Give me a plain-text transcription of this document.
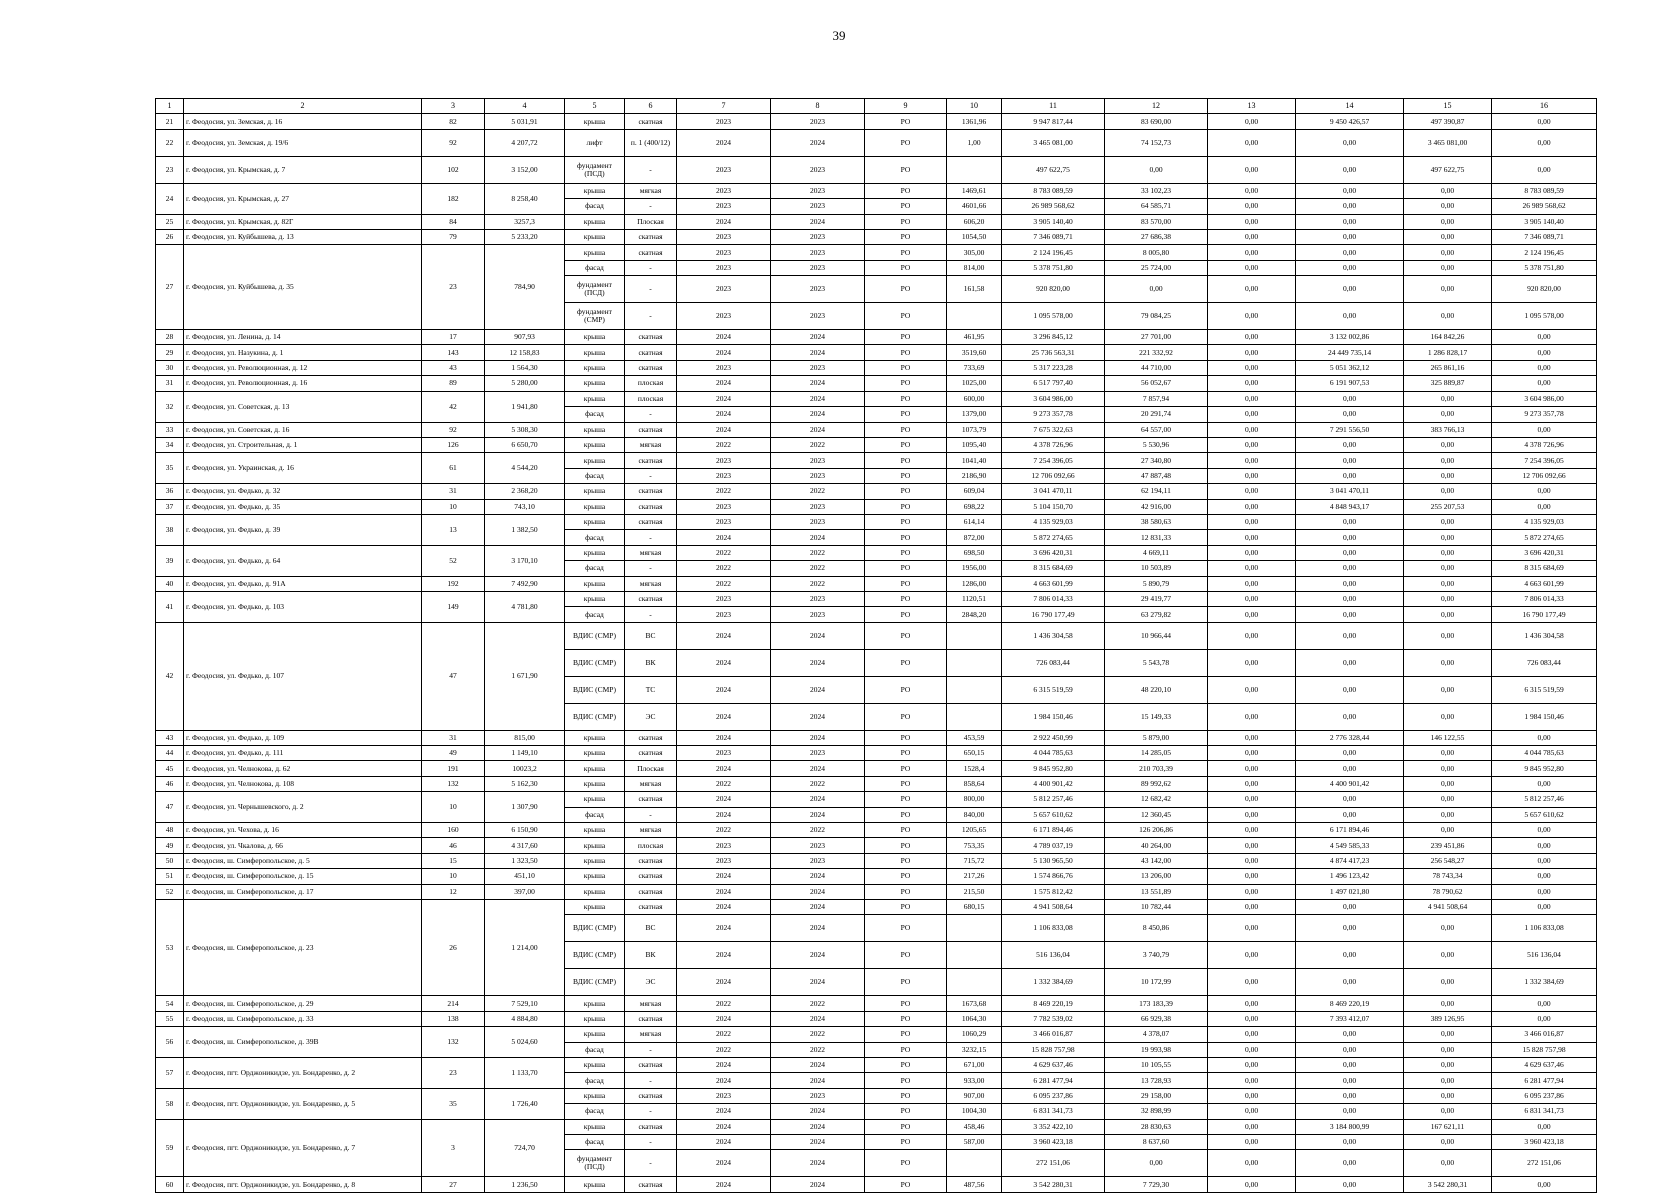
39
1	2	3	4	5	6	7	8	9	10	11	12	13	14	15	16
21	г. Феодосия, ул. Земская, д. 16	82	5 031,91	крыша	скатная	2023	2023	РО	1361,96	9 947 817,44	83 690,00	0,00	9 450 426,57	497 390,87	0,00
22	г. Феодосия, ул. Земская, д. 19/6	92	4 207,72	лифт	п. 1 (400/12)	2024	2024	РО	1,00	3 465 081,00	74 152,73	0,00	0,00	3 465 081,00	0,00
23	г. Феодосия, ул. Крымская, д. 7	102	3 152,00	фундамент (ПСД)	-	2023	2023	РО		497 622,75	0,00	0,00	0,00	497 622,75	0,00
24	г. Феодосия, ул. Крымская, д. 27	182	8 258,40	крыша	мягкая	2023	2023	РО	1469,61	8 783 089,59	33 102,23	0,00	0,00	0,00	8 783 089,59
				фасад	-	2023	2023	РО	4601,66	26 989 568,62	64 585,71	0,00	0,00	0,00	26 989 568,62
25	г. Феодосия, ул. Крымская, д. 82Г	84	3257,3	крыша	Плоская	2024	2024	РО	606,20	3 905 140,40	83 570,00	0,00	0,00	0,00	3 905 140,40
26	г. Феодосия, ул. Куйбышева, д. 13	79	5 233,20	крыша	скатная	2023	2023	РО	1054,50	7 346 089,71	27 686,38	0,00	0,00	0,00	7 346 089,71
27	г. Феодосия, ул. Куйбышева, д. 35	23	784,90	крыша	скатная	2023	2023	РО	305,00	2 124 196,45	8 005,80	0,00	0,00	0,00	2 124 196,45
				фасад	-	2023	2023	РО	814,00	5 378 751,80	25 724,00	0,00	0,00	0,00	5 378 751,80
				фундамент (ПСД)	-	2023	2023	РО	161,58	920 820,00	0,00	0,00	0,00	0,00	920 820,00
				фундамент (СМР)	-	2023	2023	РО		1 095 578,00	79 084,25	0,00	0,00	0,00	1 095 578,00
28	г. Феодосия, ул. Ленина, д. 14	17	907,93	крыша	скатная	2024	2024	РО	461,95	3 296 845,12	27 701,00	0,00	3 132 002,86	164 842,26	0,00
29	г. Феодосия, ул. Назукина, д. 1	143	12 158,83	крыша	скатная	2024	2024	РО	3519,60	25 736 563,31	221 332,92	0,00	24 449 735,14	1 286 828,17	0,00
30	г. Феодосия, ул. Революционная, д. 12	43	1 564,30	крыша	скатная	2023	2023	РО	733,69	5 317 223,28	44 710,00	0,00	5 051 362,12	265 861,16	0,00
31	г. Феодосия, ул. Революционная, д. 16	89	5 280,00	крыша	плоская	2024	2024	РО	1025,00	6 517 797,40	56 052,67	0,00	6 191 907,53	325 889,87	0,00
32	г. Феодосия, ул. Советская, д. 13	42	1 941,80	крыша	плоская	2024	2024	РО	600,00	3 604 986,00	7 857,94	0,00	0,00	0,00	3 604 986,00
				фасад	-	2024	2024	РО	1379,00	9 273 357,78	20 291,74	0,00	0,00	0,00	9 273 357,78
33	г. Феодосия, ул. Советская, д. 16	92	5 308,30	крыша	скатная	2024	2024	РО	1073,79	7 675 322,63	64 557,00	0,00	7 291 556,50	383 766,13	0,00
34	г. Феодосия, ул. Строительная, д. 1	126	6 650,70	крыша	мягкая	2022	2022	РО	1095,40	4 378 726,96	5 530,96	0,00	0,00	0,00	4 378 726,96
35	г. Феодосия, ул. Украинская, д. 16	61	4 544,20	крыша	скатная	2023	2023	РО	1041,40	7 254 396,05	27 340,80	0,00	0,00	0,00	7 254 396,05
				фасад	-	2023	2023	РО	2186,90	12 706 092,66	47 887,48	0,00	0,00	0,00	12 706 092,66
36	г. Феодосия, ул. Федько, д. 32	31	2 368,20	крыша	скатная	2022	2022	РО	609,04	3 041 470,11	62 194,11	0,00	3 041 470,11	0,00	0,00
37	г. Феодосия, ул. Федько, д. 35	10	743,10	крыша	скатная	2023	2023	РО	698,22	5 104 150,70	42 916,00	0,00	4 848 943,17	255 207,53	0,00
38	г. Феодосия, ул. Федько, д. 39	13	1 382,50	крыша	скатная	2023	2023	РО	614,14	4 135 929,03	38 580,63	0,00	0,00	0,00	4 135 929,03
				фасад	-	2024	2024	РО	872,00	5 872 274,65	12 831,33	0,00	0,00	0,00	5 872 274,65
39	г. Феодосия, ул. Федько, д. 64	52	3 170,10	крыша	мягкая	2022	2022	РО	698,50	3 696 420,31	4 669,11	0,00	0,00	0,00	3 696 420,31
				фасад	-	2022	2022	РО	1956,00	8 315 684,69	10 503,89	0,00	0,00	0,00	8 315 684,69
40	г. Феодосия, ул. Федько, д. 91А	192	7 492,90	крыша	мягкая	2022	2022	РО	1286,00	4 663 601,99	5 890,79	0,00	0,00	0,00	4 663 601,99
41	г. Феодосия, ул. Федько, д. 103	149	4 781,80	крыша	скатная	2023	2023	РО	1120,51	7 806 014,33	29 419,77	0,00	0,00	0,00	7 806 014,33
				фасад	-	2023	2023	РО	2848,20	16 790 177,49	63 279,82	0,00	0,00	0,00	16 790 177,49
42	г. Феодосия, ул. Федько, д. 107	47	1 671,90	ВДИС (СМР)	ВС	2024	2024	РО		1 436 304,58	10 966,44	0,00	0,00	0,00	1 436 304,58
				ВДИС (СМР)	ВК	2024	2024	РО		726 083,44	5 543,78	0,00	0,00	0,00	726 083,44
				ВДИС (СМР)	ТС	2024	2024	РО		6 315 519,59	48 220,10	0,00	0,00	0,00	6 315 519,59
				ВДИС (СМР)	ЭС	2024	2024	РО		1 984 150,46	15 149,33	0,00	0,00	0,00	1 984 150,46
43	г. Феодосия, ул. Федько, д. 109	31	815,00	крыша	скатная	2024	2024	РО	453,59	2 922 450,99	5 879,00	0,00	2 776 328,44	146 122,55	0,00
44	г. Феодосия, ул. Федько, д. 111	49	1 149,10	крыша	скатная	2023	2023	РО	650,15	4 044 785,63	14 285,05	0,00	0,00	0,00	4 044 785,63
45	г. Феодосия, ул. Челнокова, д. 62	191	10023,2	крыша	Плоская	2024	2024	РО	1528,4	9 845 952,80	210 703,39	0,00	0,00	0,00	9 845 952,80
46	г. Феодосия, ул. Челнокова, д. 108	132	5 162,30	крыша	мягкая	2022	2022	РО	858,64	4 400 901,42	89 992,62	0,00	4 400 901,42	0,00	0,00
47	г. Феодосия, ул. Чернышевского, д. 2	10	1 307,90	крыша	скатная	2024	2024	РО	800,00	5 812 257,46	12 682,42	0,00	0,00	0,00	5 812 257,46
				фасад	-	2024	2024	РО	840,00	5 657 610,62	12 360,45	0,00	0,00	0,00	5 657 610,62
48	г. Феодосия, ул. Чехова, д. 16	160	6 150,90	крыша	мягкая	2022	2022	РО	1205,65	6 171 894,46	126 206,86	0,00	6 171 894,46	0,00	0,00
49	г. Феодосия, ул. Чкалова, д. 66	46	4 317,60	крыша	плоская	2023	2023	РО	753,35	4 789 037,19	40 264,00	0,00	4 549 585,33	239 451,86	0,00
50	г. Феодосия, ш. Симферопольское, д. 5	15	1 323,50	крыша	скатная	2023	2023	РО	715,72	5 130 965,50	43 142,00	0,00	4 874 417,23	256 548,27	0,00
51	г. Феодосия, ш. Симферопольское, д. 15	10	451,10	крыша	скатная	2024	2024	РО	217,26	1 574 866,76	13 206,00	0,00	1 496 123,42	78 743,34	0,00
52	г. Феодосия, ш. Симферопольское, д. 17	12	397,00	крыша	скатная	2024	2024	РО	215,50	1 575 812,42	13 551,89	0,00	1 497 021,80	78 790,62	0,00
53	г. Феодосия, ш. Симферопольское, д. 23	26	1 214,00	крыша	скатная	2024	2024	РО	680,15	4 941 508,64	10 782,44	0,00	0,00	4 941 508,64	0,00
				ВДИС (СМР)	ВС	2024	2024	РО		1 106 833,08	8 450,86	0,00	0,00	0,00	1 106 833,08
				ВДИС (СМР)	ВК	2024	2024	РО		516 136,04	3 740,79	0,00	0,00	0,00	516 136,04
				ВДИС (СМР)	ЭС	2024	2024	РО		1 332 384,69	10 172,99	0,00	0,00	0,00	1 332 384,69
54	г. Феодосия, ш. Симферопольское, д. 29	214	7 529,10	крыша	мягкая	2022	2022	РО	1673,68	8 469 220,19	173 183,39	0,00	8 469 220,19	0,00	0,00
55	г. Феодосия, ш. Симферопольское, д. 33	138	4 884,80	крыша	скатная	2024	2024	РО	1064,30	7 782 539,02	66 929,38	0,00	7 393 412,07	389 126,95	0,00
56	г. Феодосия, ш. Симферопольское, д. 39В	132	5 024,60	крыша	мягкая	2022	2022	РО	1060,29	3 466 016,87	4 378,07	0,00	0,00	0,00	3 466 016,87
				фасад	-	2022	2022	РО	3232,15	15 828 757,98	19 993,98	0,00	0,00	0,00	15 828 757,98
57	г. Феодосия, пгт. Орджоникидзе, ул. Бондаренко, д. 2	23	1 133,70	крыша	скатная	2024	2024	РО	671,00	4 629 637,46	10 105,55	0,00	0,00	0,00	4 629 637,46
				фасад	-	2024	2024	РО	933,00	6 281 477,94	13 728,93	0,00	0,00	0,00	6 281 477,94
58	г. Феодосия, пгт. Орджоникидзе, ул. Бондаренко, д. 5	35	1 726,40	крыша	скатная	2023	2023	РО	907,00	6 095 237,86	29 158,00	0,00	0,00	0,00	6 095 237,86
				фасад	-	2024	2024	РО	1004,30	6 831 341,73	32 898,99	0,00	0,00	0,00	6 831 341,73
59	г. Феодосия, пгт. Орджоникидзе, ул. Бондаренко, д. 7	3	724,70	крыша	скатная	2024	2024	РО	458,46	3 352 422,10	28 830,63	0,00	3 184 800,99	167 621,11	0,00
				фасад	-	2024	2024	РО	587,00	3 960 423,18	8 637,60	0,00	0,00	0,00	3 960 423,18
				фундамент (ПСД)	-	2024	2024	РО		272 151,06	0,00	0,00	0,00	0,00	272 151,06
60	г. Феодосия, пгт. Орджоникидзе, ул. Бондаренко, д. 8	27	1 236,50	крыша	скатная	2024	2024	РО	487,56	3 542 280,31	7 729,30	0,00	0,00	3 542 280,31	0,00
